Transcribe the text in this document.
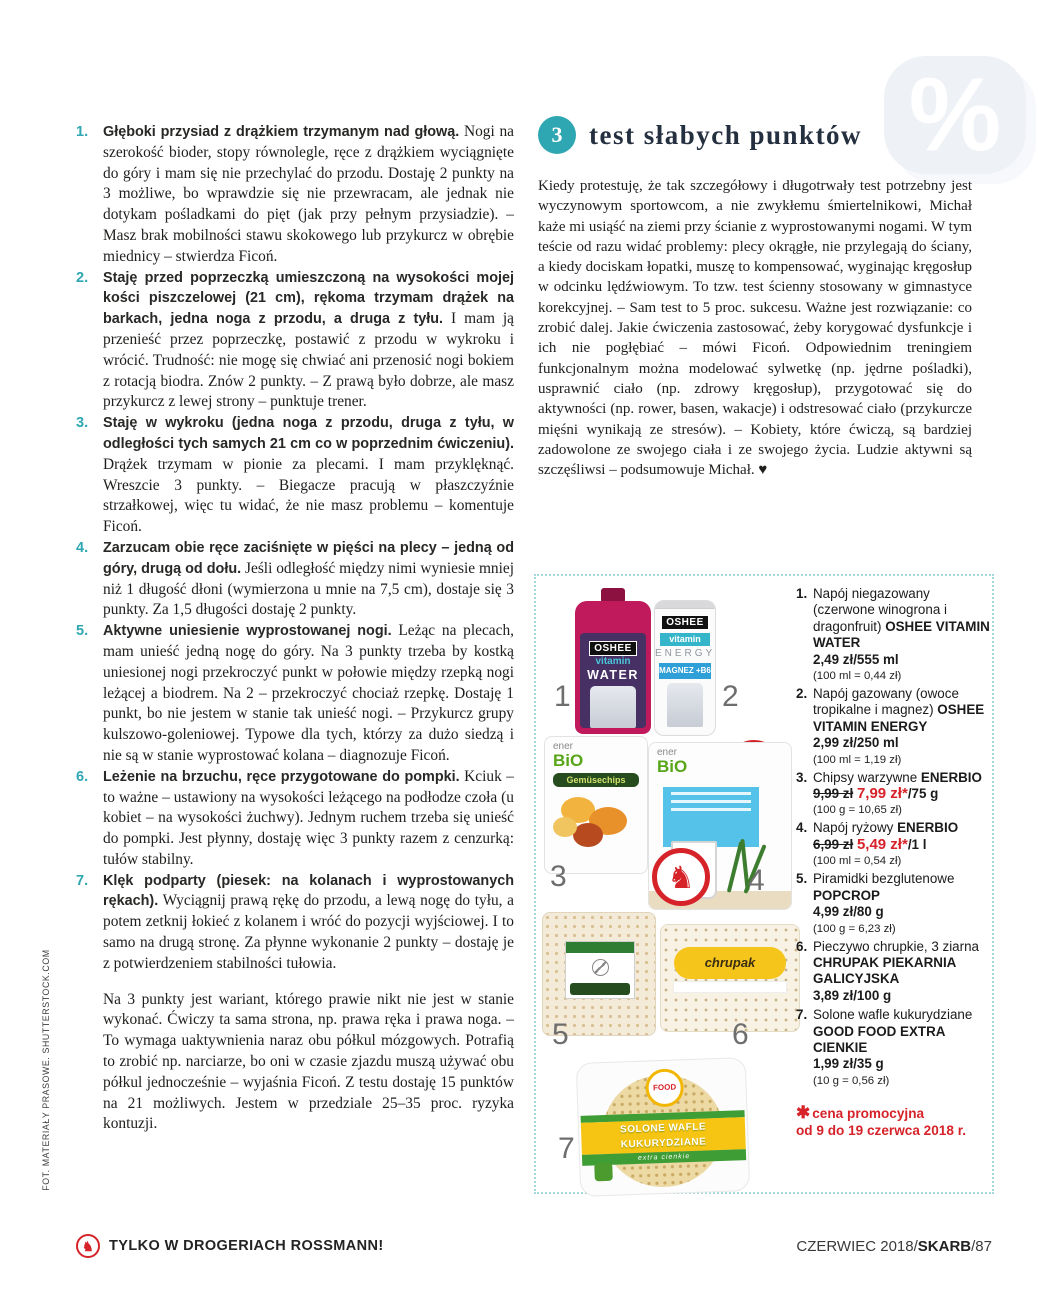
%
1. Głęboki przysiad z drążkiem trzymanym nad głową. Nogi na szerokość bioder, stopy równolegle, ręce z drążkiem wyciągnięte do góry i mam się nie przechylać do przodu. Dostaję 2 punkty na 3 możliwe, bo wprawdzie się nie przewracam, ale jednak nie dotykam pośladkami do pięt (jak przy pełnym przysiadzie). – Masz brak mobilności stawu skokowego lub przykurcz w obrębie miednicy – stwierdza Ficoń.
2. Staję przed poprzeczką umieszczoną na wysokości mojej kości piszczelowej (21 cm), rękoma trzymam drążek na barkach, jedna noga z przodu, a druga z tyłu. I mam ją przenieść przez poprzeczkę, postawić z przodu w wykroku i wrócić. Trudność: nie mogę się chwiać ani przenosić nogi bokiem z rotacją biodra. Znów 2 punkty. – Z prawą było dobrze, ale masz przykurcz z lewej strony – punktuje trener.
3. Staję w wykroku (jedna noga z przodu, druga z tyłu, w odległości tych samych 21 cm co w poprzednim ćwiczeniu). Drążek trzymam w pionie za plecami. I mam przyklęknąć. Wreszcie 3 punkty. – Biegacze pracują w płaszczyźnie strzałkowej, więc tu widać, że nie masz problemu – komentuje Ficoń.
4. Zarzucam obie ręce zaciśnięte w pięści na plecy – jedną od góry, drugą od dołu. Jeśli odległość między nimi wyniesie mniej niż 1 długość dłoni (wymierzona u mnie na 7,5 cm), dostaje się 3 punkty. Za 1,5 długości dostaję 2 punkty.
5. Aktywne uniesienie wyprostowanej nogi. Leżąc na plecach, mam unieść jedną nogę do góry. Na 3 punkty trzeba by kostką uniesionej nogi przekroczyć punkt w połowie między rzepką nogi leżącej a biodrem. Na 2 – przekroczyć chociaż rzepkę. Dostaję 1 punkt, bo nie jestem w stanie tak unieść nogi. – Przykurcz grupy kulszowo-goleniowej. Typowe dla tych, którzy za dużo siedzą i nie są w stanie wyprostować kolana – diagnozuje Ficoń.
6. Leżenie na brzuchu, ręce przygotowane do pompki. Kciuk – to ważne – ustawiony na wysokości leżącego na podłodze czoła (u kobiet – na wysokości żuchwy). Jednym ruchem trzeba się unieść do pompki. Jest płynny, dostaję więc 3 punkty razem z cenzurką: tułów stabilny.
7. Klęk podparty (piesek: na kolanach i wyprostowanych rękach). Wyciągnij prawą rękę do przodu, a lewą nogę do tyłu, a potem zetknij łokieć z kolanem i wróć do pozycji wyjściowej. I to samo na drugą stronę. Za płynne wykonanie 2 punkty – dostaję je z potwierdzeniem stabilności tułowia.
Na 3 punkty jest wariant, którego prawie nikt nie jest w stanie wykonać. Ćwiczy ta sama strona, np. prawa ręka i prawa noga. – To wymaga uaktywnienia naraz obu półkul mózgowych. Potrafią to zrobić np. narciarze, bo oni w czasie zjazdu muszą używać obu półkul jednocześnie – wyjaśnia Ficoń. Z testu dostaję 15 punktów na 21 możliwych. Jestem w przedziale 25–35 proc. ryzyka kontuzji.
3 test słabych punktów
Kiedy protestuję, że tak szczegółowy i długotrwały test potrzebny jest wyczynowym sportowcom, a nie zwykłemu śmiertelnikowi, Michał każe mi usiąść na ziemi przy ścianie z wyprostowanymi nogami. W tym teście od razu widać problemy: plecy okrągłe, nie przylegają do ściany, a kiedy dociskam łopatki, muszę to kompensować, wyginając kręgosłup w odcinku lędźwiowym. To tzw. test ścienny stosowany w gimnastyce korekcyjnej. – Sam test to 5 proc. sukcesu. Ważne jest rozwiązanie: co zrobić dalej. Jakie ćwiczenia zastosować, żeby korygować dysfunkcje i ich nie pogłębiać – mówi Ficoń. Odpowiednim treningiem funkcjonalnym można modelować sylwetkę (np. jędrne pośladki), usprawnić ciało (np. zdrowy kręgosłup), przygotować się do aktywności (np. rower, basen, wakacje) i odstresować ciało (przykurcze mięśni wynikają ze stresów). – Kobiety, które ćwiczą, są bardziej zadowolone ze swojego ciała i ze swojego życia. Ludzie aktywni są szczęśliwsi – podsumowuje Michał. ♥
OSHEE
vitamin
WATER
1
OSHEE
vitamin
ENERGY
MAGNEZ +B6
2
ener
BiO
Gemüsechips
3
ener
BiO
♞ 4
5
chrupak
6
FOOD
SOLONE WAFLE
KUKURYDZIANE
extra cienkie
7
1. Napój niegazowany (czerwone winogrona i dragonfruit) OSHEE VITAMIN WATER
2,49 zł/555 ml
(100 ml = 0,44 zł)
2. Napój gazowany (owoce tropikalne i magnez) OSHEE VITAMIN ENERGY
2,99 zł/250 ml
(100 ml = 1,19 zł)
3. Chipsy warzywne ENERBIO
9,99 zł 7,99 zł*/75 g
(100 g = 10,65 zł)
4. Napój ryżowy ENERBIO
6,99 zł 5,49 zł*/1 l
(100 ml = 0,54 zł)
5. Piramidki bezglutenowe POPCROP
4,99 zł/80 g
(100 g = 6,23 zł)
6. Pieczywo chrupkie, 3 ziarna CHRUPAK PIEKARNIA GALICYJSKA
3,89 zł/100 g
7. Solone wafle kukurydziane GOOD FOOD EXTRA CIENKIE
1,99 zł/35 g
(10 g = 0,56 zł)
✱ cena promocyjna
od 9 do 19 czerwca 2018 r.
♞ TYLKO W DROGERIACH ROSSMANN!	CZERWIEC 2018/SKARB/87
FOT. MATERIAŁY PRASOWE. SHUTTERSTOCK.COM
